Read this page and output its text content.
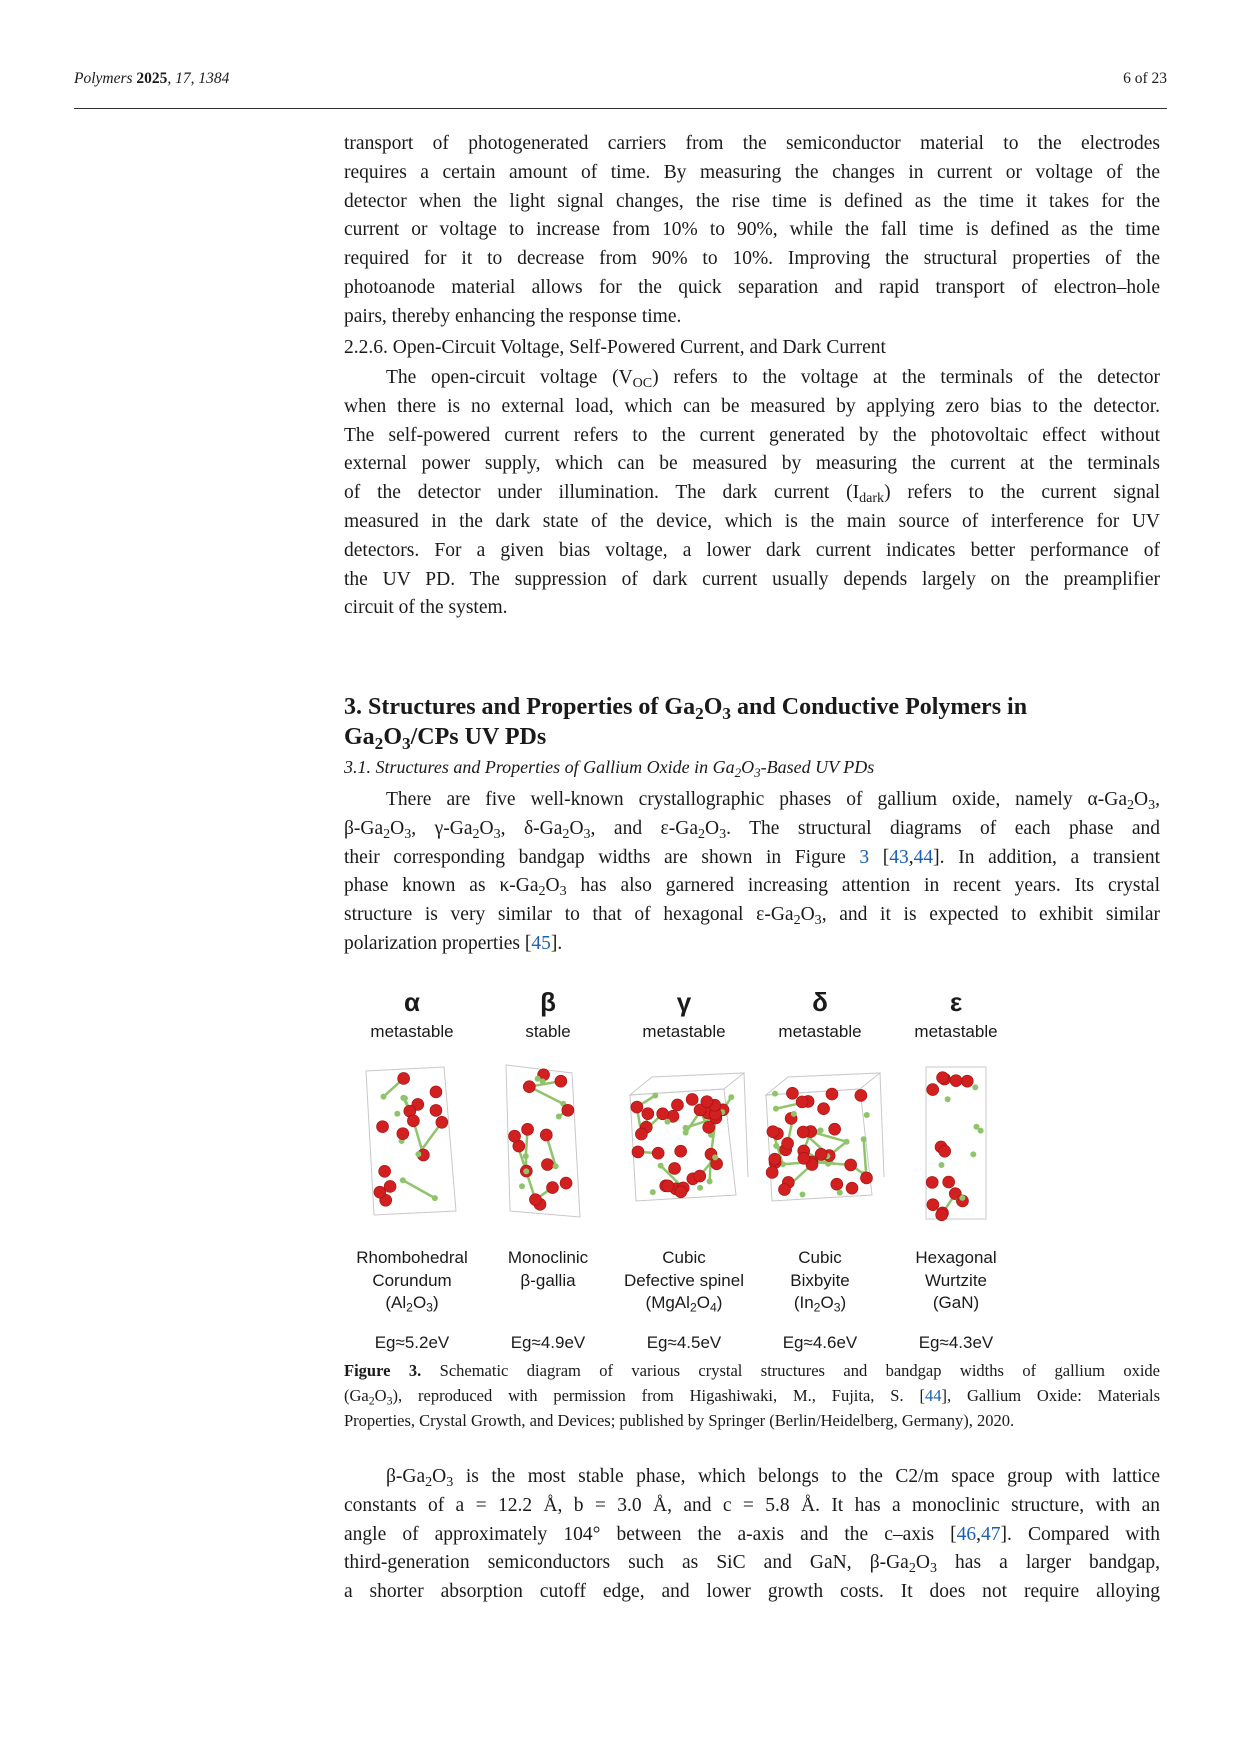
Polymers 2025, 17, 1384	6 of 23

transport of photogenerated carriers from the semiconductor material to the electrodes
requires a certain amount of time. By measuring the changes in current or voltage of the
detector when the light signal changes, the rise time is defined as the time it takes for the
current or voltage to increase from 10% to 90%, while the fall time is defined as the time
required for it to decrease from 90% to 10%. Improving the structural properties of the
photoanode material allows for the quick separation and rapid transport of electron–hole
pairs, thereby enhancing the response time.

2.2.6. Open-Circuit Voltage, Self-Powered Current, and Dark Current

The open-circuit voltage $(V_{OC})$ refers to the voltage at the terminals of the detector
when there is no external load, which can be measured by applying zero bias to the detector.
The self-powered current refers to the current generated by the photovoltaic effect without
external power supply, which can be measured by measuring the current at the terminals
of the detector under illumination. The dark current $(I_{dark})$ refers to the current signal
measured in the dark state of the device, which is the main source of interference for UV
detectors. For a given bias voltage, a lower dark current indicates better performance of
the UV PD. The suppression of dark current usually depends largely on the preamplifier
circuit of the system.

3. Structures and Properties of $Ga_2O_3$ and Conductive Polymers in
$Ga_2O_3$/CPs UV PDs

3.1. Structures and Properties of Gallium Oxide in $Ga_2O_3$-Based UV PDs

There are five well-known crystallographic phases of gallium oxide, namely $\alpha-Ga_2O_3$,
$\beta-Ga_2O_3$, $\gamma-Ga_2O_3$, $\delta-Ga_2O_3$, and $\varepsilon-Ga_2O_3$. The structural diagrams of each phase and
their corresponding bandgap widths are shown in Figure 3 [43,44]. In addition, a transient
phase known as $\kappa-Ga_2O_3$ has also garnered increasing attention in recent years. Its crystal
structure is very similar to that of hexagonal $\varepsilon-Ga_2O_3$, and it is expected to exhibit similar
polarization properties [45].

α
metastable
Rhombohedral
Corundum
$(Al_2O_3)$
Eg≈5.2eV
β
stable
Monoclinic
β-gallia
Eg≈4.9eV
γ
metastable
Cubic
Defective spinel
$(MgAl_2O_4)$
Eg≈4.5eV
δ
metastable
Cubic
Bixbyite
$(In_2O_3)$
Eg≈4.6eV
ε
metastable
Hexagonal
Wurtzite
(GaN)
Eg≈4.3eV
Figure 3. Schematic diagram of various crystal structures and bandgap widths of gallium oxide
$(Ga_2O_3)$, reproduced with permission from Higashiwaki, M., Fujita, S. [44], Gallium Oxide: Materials
Properties, Crystal Growth, and Devices; published by Springer (Berlin/Heidelberg, Germany), 2020.

$\beta-Ga_2O_3$ is the most stable phase, which belongs to the C2/m space group with lattice
constants of a = 12.2 Å, b = 3.0 Å, and c = 5.8 Å. It has a monoclinic structure, with an
angle of approximately 104° between the a-axis and the c–axis [46,47]. Compared with
third-generation semiconductors such as SiC and GaN, $\beta-Ga_2O_3$ has a larger bandgap,
a shorter absorption cutoff edge, and lower growth costs. It does not require alloying
